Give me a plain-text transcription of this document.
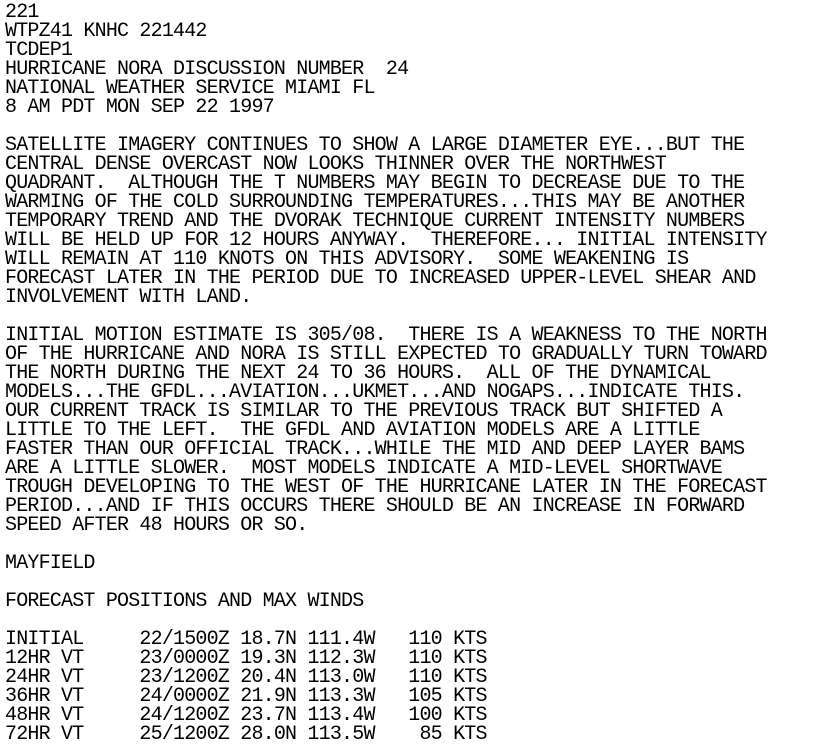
221
WTPZ41 KNHC 221442
TCDEP1
HURRICANE NORA DISCUSSION NUMBER  24
NATIONAL WEATHER SERVICE MIAMI FL
8 AM PDT MON SEP 22 1997
SATELLITE IMAGERY CONTINUES TO SHOW A LARGE DIAMETER EYE...BUT THE
CENTRAL DENSE OVERCAST NOW LOOKS THINNER OVER THE NORTHWEST
QUADRANT.  ALTHOUGH THE T NUMBERS MAY BEGIN TO DECREASE DUE TO THE
WARMING OF THE COLD SURROUNDING TEMPERATURES...THIS MAY BE ANOTHER
TEMPORARY TREND AND THE DVORAK TECHNIQUE CURRENT INTENSITY NUMBERS
WILL BE HELD UP FOR 12 HOURS ANYWAY.  THEREFORE... INITIAL INTENSITY
WILL REMAIN AT 110 KNOTS ON THIS ADVISORY.  SOME WEAKENING IS
FORECAST LATER IN THE PERIOD DUE TO INCREASED UPPER-LEVEL SHEAR AND
INVOLVEMENT WITH LAND.
INITIAL MOTION ESTIMATE IS 305/08.  THERE IS A WEAKNESS TO THE NORTH
OF THE HURRICANE AND NORA IS STILL EXPECTED TO GRADUALLY TURN TOWARD
THE NORTH DURING THE NEXT 24 TO 36 HOURS.  ALL OF THE DYNAMICAL
MODELS...THE GFDL...AVIATION...UKMET...AND NOGAPS...INDICATE THIS.
OUR CURRENT TRACK IS SIMILAR TO THE PREVIOUS TRACK BUT SHIFTED A
LITTLE TO THE LEFT.  THE GFDL AND AVIATION MODELS ARE A LITTLE
FASTER THAN OUR OFFICIAL TRACK...WHILE THE MID AND DEEP LAYER BAMS
ARE A LITTLE SLOWER.  MOST MODELS INDICATE A MID-LEVEL SHORTWAVE
TROUGH DEVELOPING TO THE WEST OF THE HURRICANE LATER IN THE FORECAST
PERIOD...AND IF THIS OCCURS THERE SHOULD BE AN INCREASE IN FORWARD
SPEED AFTER 48 HOURS OR SO.
MAYFIELD
FORECAST POSITIONS AND MAX WINDS
INITIAL     22/1500Z 18.7N 111.4W   110 KTS
12HR VT     23/0000Z 19.3N 112.3W   110 KTS
24HR VT     23/1200Z 20.4N 113.0W   110 KTS
36HR VT     24/0000Z 21.9N 113.3W   105 KTS
48HR VT     24/1200Z 23.7N 113.4W   100 KTS
72HR VT     25/1200Z 28.0N 113.5W    85 KTS
